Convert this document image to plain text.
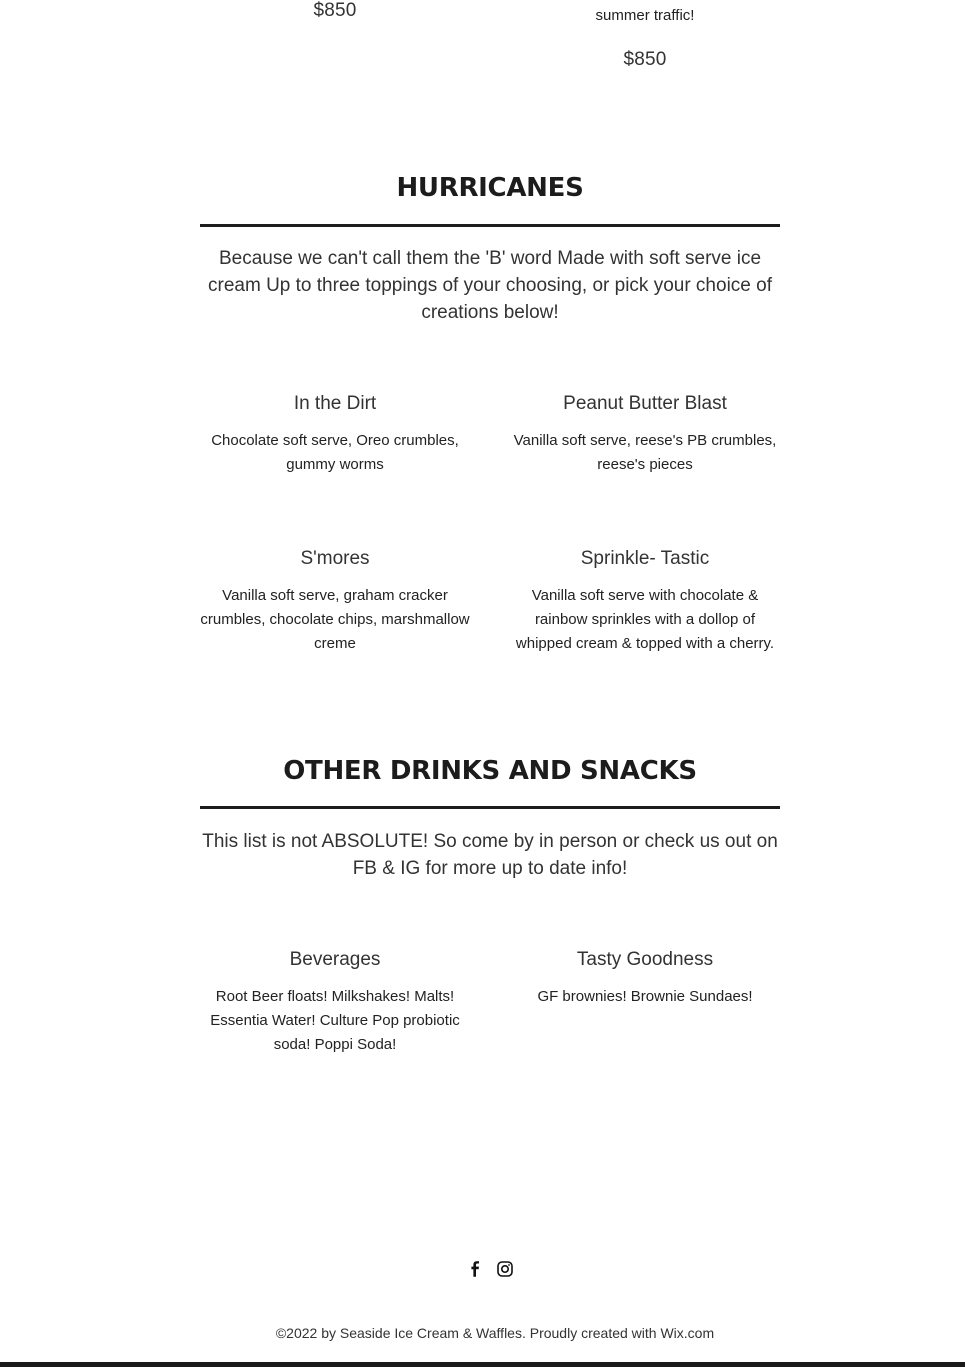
$850	summer traffic!
$850
HURRICANES
Because we can't call them the 'B' word Made with soft serve ice cream Up to three toppings of your choosing, or pick your choice of creations below!
In the Dirt
Chocolate soft serve, Oreo crumbles, gummy worms
Peanut Butter Blast
Vanilla soft serve, reese's PB crumbles, reese's pieces
S'mores
Vanilla soft serve, graham cracker crumbles, chocolate chips, marshmallow creme
Sprinkle- Tastic
Vanilla soft serve with chocolate & rainbow sprinkles with a dollop of whipped cream & topped with a cherry.
OTHER DRINKS AND SNACKS
This list is not ABSOLUTE! So come by in person or check us out on FB & IG for more up to date info!
Beverages
Root Beer floats! Milkshakes! Malts! Essentia Water! Culture Pop probiotic soda! Poppi Soda!
Tasty Goodness
GF brownies! Brownie Sundaes!
©2022 by Seaside Ice Cream & Waffles. Proudly created with Wix.com
